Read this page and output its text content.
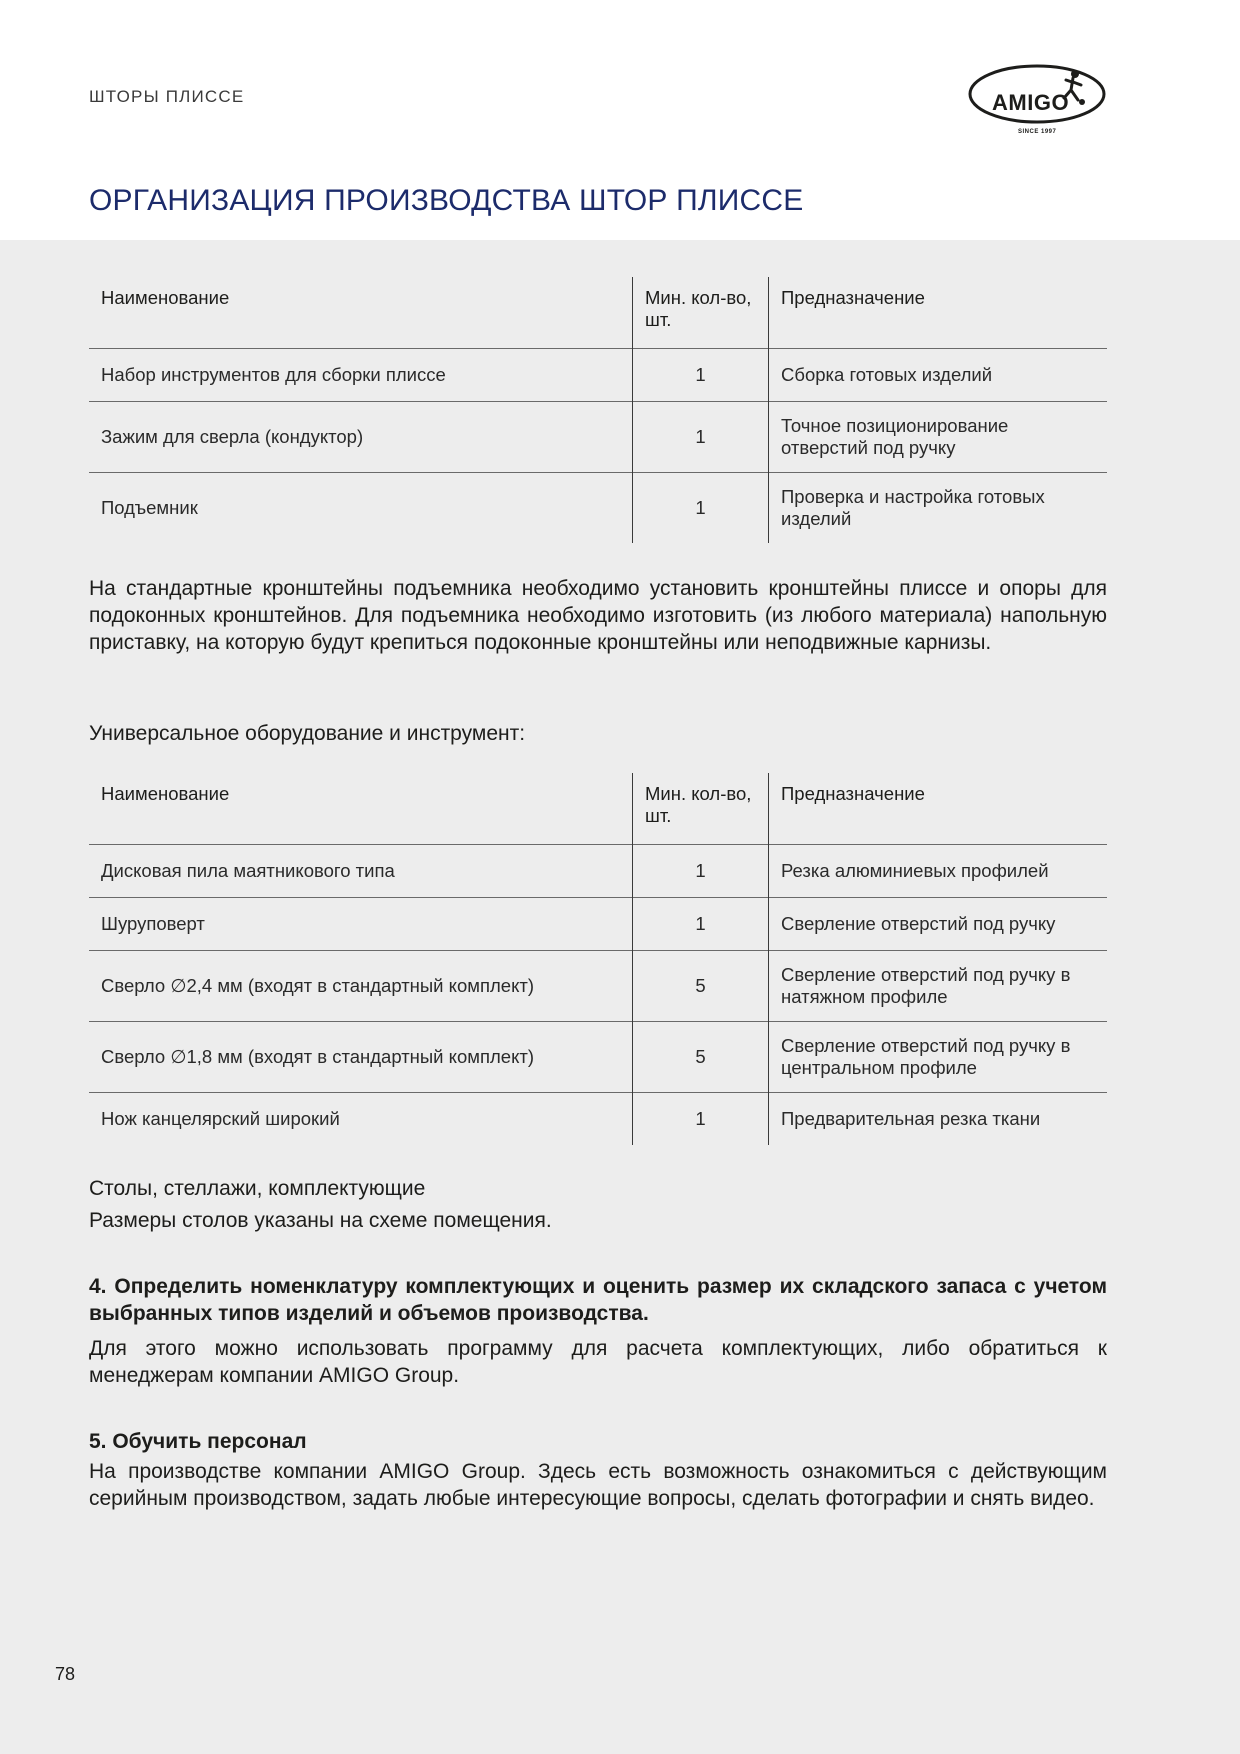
ШТОРЫ ПЛИССЕ
ОРГАНИЗАЦИЯ ПРОИЗВОДСТВА ШТОР ПЛИССЕ
AMIGO
SINCE 1997
Наименование	Мин. кол-во, шт.	Предназначение
Набор инструментов для сборки плиссе	1	Сборка готовых изделий
Зажим для сверла (кондуктор)	1	Точное позиционирование отверстий под ручку
Подъемник	1	Проверка и настройка готовых изделий

На стандартные кронштейны подъемника необходимо установить кронштейны плиссе и опоры для подоконных кронштейнов. Для подъемника необходимо изготовить (из любого материала) напольную приставку, на которую будут крепиться подоконные кронштейны или неподвижные карнизы.

Универсальное оборудование и инструмент:

Наименование	Мин. кол-во, шт.	Предназначение
Дисковая пила маятникового типа	1	Резка алюминиевых профилей
Шуруповерт	1	Сверление отверстий под ручку
Сверло ∅2,4 мм (входят в стандартный комплект)	5	Сверление отверстий под ручку в натяжном профиле
Сверло ∅1,8 мм (входят в стандартный комплект)	5	Сверление отверстий под ручку в центральном профиле
Нож канцелярский широкий	1	Предварительная резка ткани

Столы, стеллажи, комплектующие

Размеры столов указаны на схеме помещения.

4. Определить номенклатуру комплектующих и оценить размер их складского запаса с учетом выбранных типов изделий и объемов производства.

Для этого можно использовать программу для расчета комплектующих, либо обратиться к менеджерам компании AMIGO Group.

5. Обучить персонал

На производстве компании AMIGO Group. Здесь есть возможность ознакомиться с действующим серийным производством, задать любые интересующие вопросы, сделать фотографии и снять видео.

78
